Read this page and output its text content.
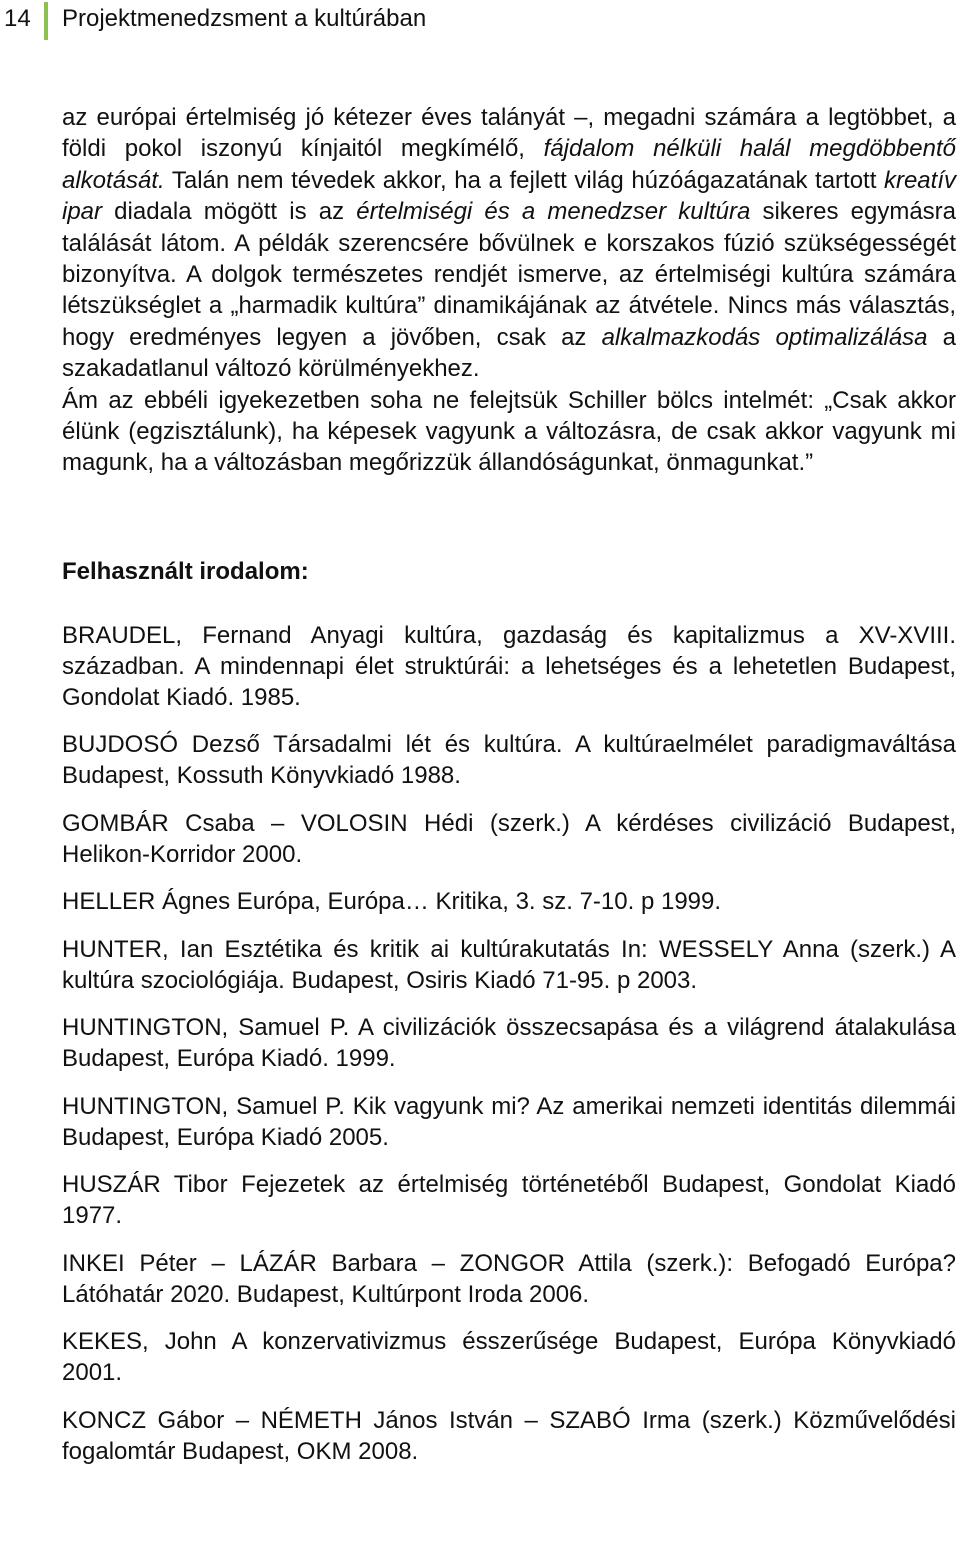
14 Projektmenedzsment a kultúrában

az európai értelmiség jó kétezer éves talányát –, megadni számára a legtöbbet, a földi pokol iszonyú kínjaitól megkímélő, fájdalom nélküli halál megdöbbentő alkotását. Talán nem tévedek akkor, ha a fejlett világ húzóágazatának tartott kreatív ipar diadala mögött is az értelmiségi és a menedzser kultúra sikeres egymásra találását látom. A példák szerencsére bővülnek e korszakos fúzió szükségességét bizonyítva. A dolgok természetes rendjét ismerve, az értelmiségi kultúra számára létszükséglet a „harmadik kultúra” dinamikájának az átvétele. Nincs más választás, hogy eredményes legyen a jövőben, csak az alkalmazkodás optimalizálása a szakadatlanul változó körülményekhez.

Ám az ebbéli igyekezetben soha ne felejtsük Schiller bölcs intelmét: „Csak akkor élünk (egzisztálunk), ha képesek vagyunk a változásra, de csak akkor vagyunk mi magunk, ha a változásban megőrizzük állandóságunkat, önmagunkat.”

Felhasznált irodalom:

BRAUDEL, Fernand Anyagi kultúra, gazdaság és kapitalizmus a XV-XVIII. században. A mindennapi élet struktúrái: a lehetséges és a lehetetlen Budapest, Gondolat Kiadó. 1985.

BUJDOSÓ Dezső Társadalmi lét és kultúra. A kultúraelmélet paradigmaváltása Budapest, Kossuth Könyvkiadó 1988.

GOMBÁR Csaba – VOLOSIN Hédi (szerk.) A kérdéses civilizáció Budapest, Helikon-Korridor 2000.

HELLER Ágnes Európa, Európa… Kritika, 3. sz. 7-10. p 1999.

HUNTER, Ian Esztétika és kritik ai kultúrakutatás In: WESSELY Anna (szerk.) A kultúra szociológiája. Budapest, Osiris Kiadó 71-95. p 2003.

HUNTINGTON, Samuel P. A civilizációk összecsapása és a világrend átalakulása Budapest, Európa Kiadó. 1999.

HUNTINGTON, Samuel P. Kik vagyunk mi? Az amerikai nemzeti identitás dilemmái Budapest, Európa Kiadó 2005.

HUSZÁR Tibor Fejezetek az értelmiség történetéből Budapest, Gondolat Kiadó 1977.

INKEI Péter – LÁZÁR Barbara – ZONGOR Attila (szerk.): Befogadó Európa? Látóhatár 2020. Budapest, Kultúrpont Iroda 2006.

KEKES, John A konzervativizmus ésszerűsége Budapest, Európa Könyvkiadó 2001.

KONCZ Gábor – NÉMETH János István – SZABÓ Irma (szerk.) Közművelődési fogalomtár Budapest, OKM 2008.
